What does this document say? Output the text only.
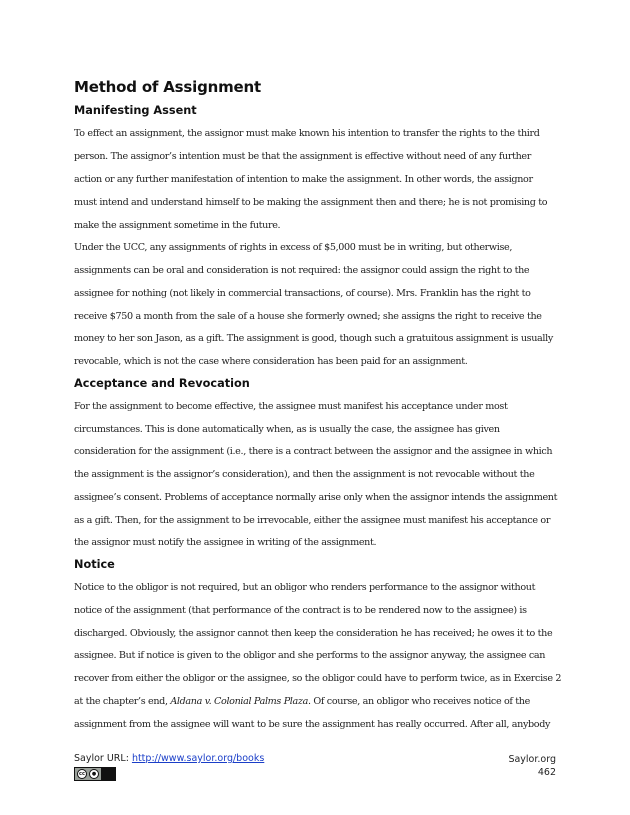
Method of Assignment
Manifesting Assent
To effect an assignment, the assignor must make known his intention to transfer the rights to the third
person. The assignor’s intention must be that the assignment is effective without need of any further
action or any further manifestation of intention to make the assignment. In other words, the assignor
must intend and understand himself to be making the assignment then and there; he is not promising to
make the assignment sometime in the future.
Under the UCC, any assignments of rights in excess of $5,000 must be in writing, but otherwise,
assignments can be oral and consideration is not required: the assignor could assign the right to the
assignee for nothing (not likely in commercial transactions, of course). Mrs. Franklin has the right to
receive $750 a month from the sale of a house she formerly owned; she assigns the right to receive the
money to her son Jason, as a gift. The assignment is good, though such a gratuitous assignment is usually
revocable, which is not the case where consideration has been paid for an assignment.
Acceptance and Revocation
For the assignment to become effective, the assignee must manifest his acceptance under most
circumstances. This is done automatically when, as is usually the case, the assignee has given
consideration for the assignment (i.e., there is a contract between the assignor and the assignee in which
the assignment is the assignor’s consideration), and then the assignment is not revocable without the
assignee’s consent. Problems of acceptance normally arise only when the assignor intends the assignment
as a gift. Then, for the assignment to be irrevocable, either the assignee must manifest his acceptance or
the assignor must notify the assignee in writing of the assignment.
Notice
Notice to the obligor is not required, but an obligor who renders performance to the assignor without
notice of the assignment (that performance of the contract is to be rendered now to the assignee) is
discharged. Obviously, the assignor cannot then keep the consideration he has received; he owes it to the
assignee. But if notice is given to the obligor and she performs to the assignor anyway, the assignee can
recover from either the obligor or the assignee, so the obligor could have to perform twice, as in Exercise 2
at the chapter’s end, Aldana v. Colonial Palms Plaza. Of course, an obligor who receives notice of the
assignment from the assignee will want to be sure the assignment has really occurred. After all, anybody
Saylor URL: http://www.saylor.org/books
cc	●
Saylor.org
462
